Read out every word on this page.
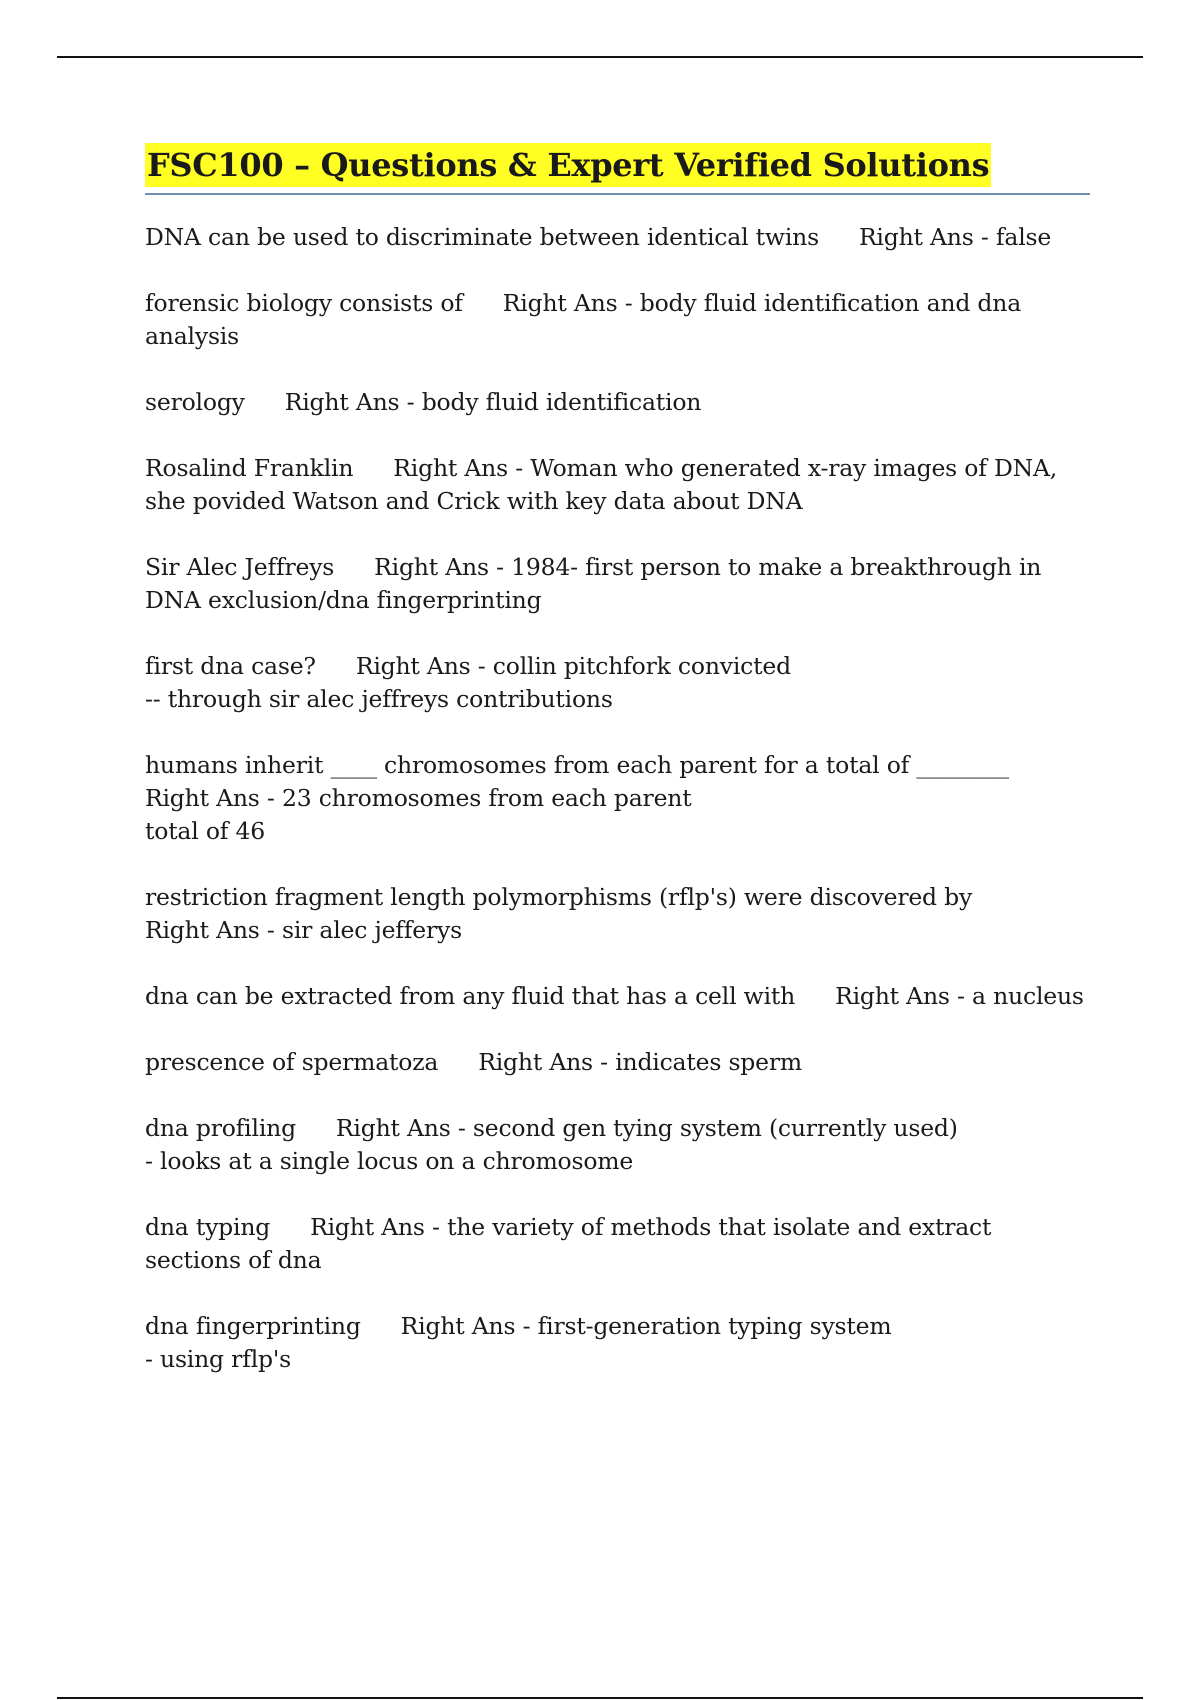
FSC100 – Questions & Expert Verified Solutions
DNA can be used to discriminate between identical twins Right Ans - false
forensic biology consists of Right Ans - body fluid identification and dna analysis
serology Right Ans - body fluid identification
Rosalind Franklin Right Ans - Woman who generated x-ray images of DNA, she povided Watson and Crick with key data about DNA
Sir Alec Jeffreys Right Ans - 1984- first person to make a breakthrough in DNA exclusion/dna fingerprinting
first dna case? Right Ans - collin pitchfork convicted
-- through sir alec jeffreys contributions
humans inherit ____ chromosomes from each parent for a total of ________
Right Ans - 23 chromosomes from each parent
total of 46
restriction fragment length polymorphisms (rflp's) were discovered by
Right Ans - sir alec jefferys
dna can be extracted from any fluid that has a cell with Right Ans - a nucleus
prescence of spermatoza Right Ans - indicates sperm
dna profiling Right Ans - second gen tying system (currently used)
- looks at a single locus on a chromosome
dna typing Right Ans - the variety of methods that isolate and extract sections of dna
dna fingerprinting Right Ans - first-generation typing system
- using rflp's
